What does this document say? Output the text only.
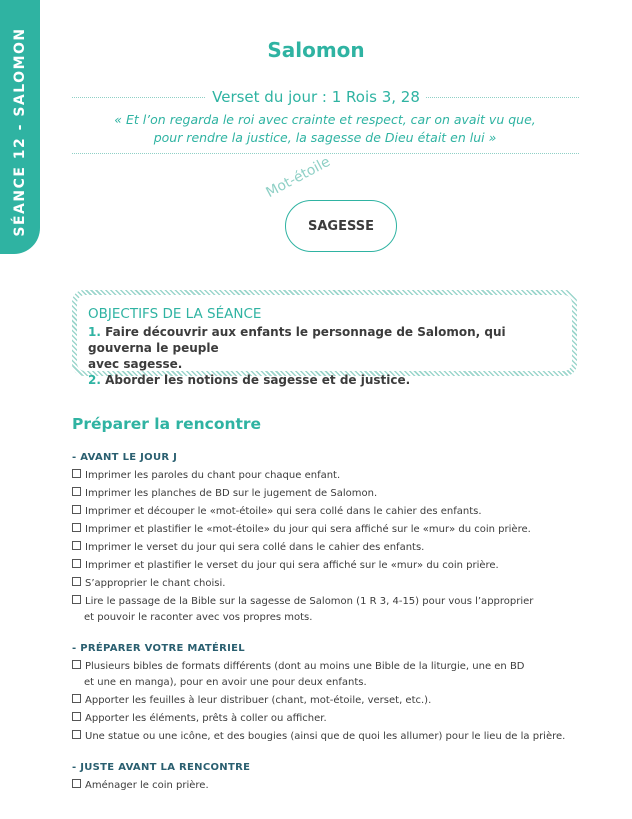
SÉANCE 12 - SALOMON	Salomon
Verset du jour : 1 Rois 3, 28
« Et l’on regarda le roi avec crainte et respect, car on avait vu que,
pour rendre la justice, la sagesse de Dieu était en lui »
Mot-étoile
SAGESSE
OBJECTIFS DE LA SÉANCE
1. Faire découvrir aux enfants le personnage de Salomon, qui gouverna le peuple
avec sagesse.
2. Aborder les notions de sagesse et de justice.
Préparer la rencontre
- AVANT LE JOUR J
Imprimer les paroles du chant pour chaque enfant.
Imprimer les planches de BD sur le jugement de Salomon.
Imprimer et découper le «mot-étoile» qui sera collé dans le cahier des enfants.
Imprimer et plastifier le «mot-étoile» du jour qui sera affiché sur le «mur» du coin prière.
Imprimer le verset du jour qui sera collé dans le cahier des enfants.
Imprimer et plastifier le verset du jour qui sera affiché sur le «mur» du coin prière.
S’approprier le chant choisi.
Lire le passage de la Bible sur la sagesse de Salomon (1 R 3, 4-15) pour vous l’approprier
et pouvoir le raconter avec vos propres mots.
- PRÉPARER VOTRE MATÉRIEL
Plusieurs bibles de formats différents (dont au moins une Bible de la liturgie, une en BD
et une en manga), pour en avoir une pour deux enfants.
Apporter les feuilles à leur distribuer (chant, mot-étoile, verset, etc.).
Apporter les éléments, prêts à coller ou afficher.
Une statue ou une icône, et des bougies (ainsi que de quoi les allumer) pour le lieu de la prière.
- JUSTE AVANT LA RENCONTRE
Aménager le coin prière.
